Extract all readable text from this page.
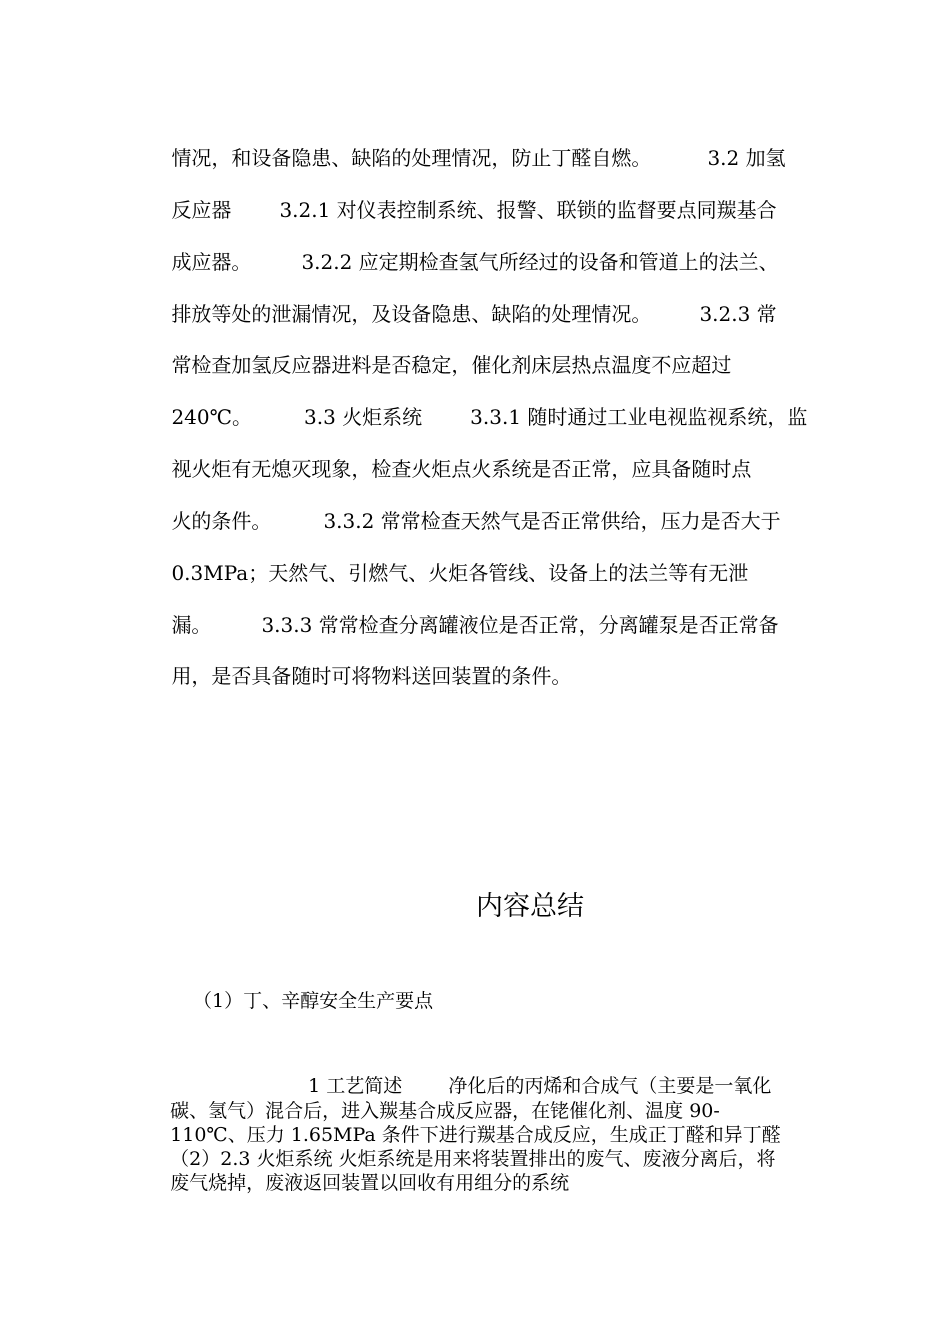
情况，和设备隐患、缺陷的处理情况，防止丁醛自燃。	3.2 加氢

反应器 3.2.1 对仪表控制系统、报警、联锁的监督要点同羰基合

成应器。	3.2.2 应定期检查氢气所经过的设备和管道上的法兰、

排放等处的泄漏情况，及设备隐患、缺陷的处理情况。 3.2.3 常

常检查加氢反应器进料是否稳定，催化剂床层热点温度不应超过

240℃。	3.3 火炬系统 3.3.1 随时通过工业电视监视系统，监

视火炬有无熄灭现象，检查火炬点火系统是否正常，应具备随时点

火的条件。	3.3.2 常常检查天然气是否正常供给，压力是否大于

0.3MPa；天然气、引燃气、火炬各管线、设备上的法兰等有无泄

漏。	3.3.3 常常检查分离罐液位是否正常，分离罐泵是否正常备

用，是否具备随时可将物料送回装置的条件。

内容总结
（1）丁、辛醇安全生产要点

1 工艺简述 净化后的丙烯和合成气（主要是一氧化

碳、氢气）混合后，进入羰基合成反应器，在铑催化剂、温度 90-

110℃、压力 1.65MPa 条件下进行羰基合成反应，生成正丁醛和异丁醛

（2）2.3 火炬系统 火炬系统是用来将装置排出的废气、废液分离后，将

废气烧掉，废液返回装置以回收有用组分的系统
